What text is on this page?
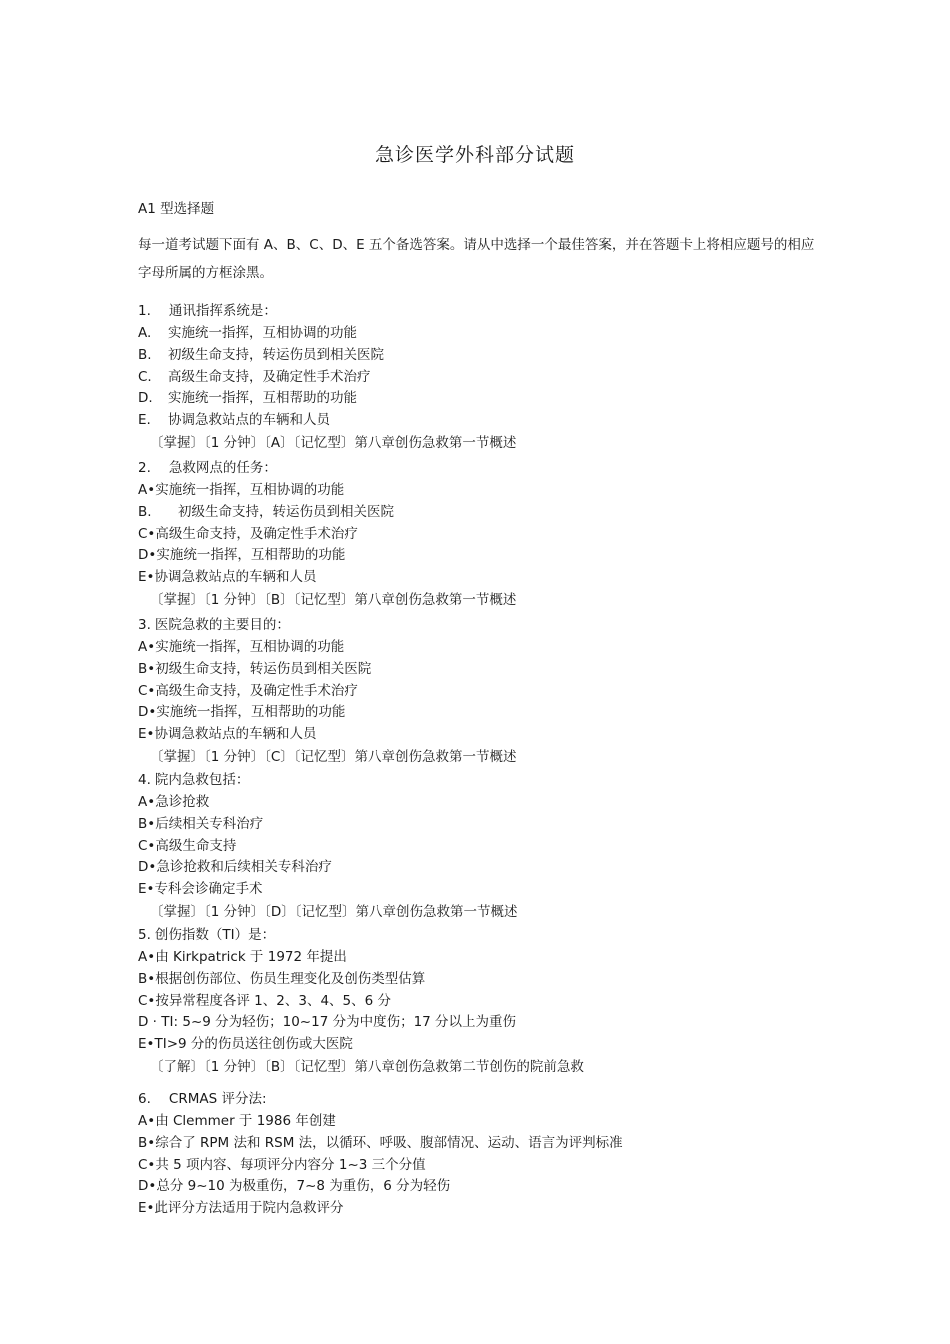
急诊医学外科部分试题
A1 型选择题
每一道考试题下面有 A、B、C、D、E 五个备选答案。请从中选择一个最佳答案，并在答题卡上将相应题号的相应字母所属的方框涂黑。
1. 通讯指挥系统是：
A. 实施统一指挥，互相协调的功能
B. 初级生命支持，转运伤员到相关医院
C. 高级生命支持，及确定性手术治疗
D. 实施统一指挥，互相帮助的功能
E. 协调急救站点的车辆和人员
〔掌握〕〔1 分钟〕〔A〕〔记忆型〕第八章创伤急救第一节概述
2. 急救网点的任务：
A•实施统一指挥，互相协调的功能
B. 初级生命支持，转运伤员到相关医院
C•高级生命支持，及确定性手术治疗
D•实施统一指挥，互相帮助的功能
E•协调急救站点的车辆和人员
〔掌握〕〔1 分钟〕〔B〕〔记忆型〕第八章创伤急救第一节概述
3. 医院急救的主要目的：
A•实施统一指挥，互相协调的功能
B•初级生命支持，转运伤员到相关医院
C•高级生命支持，及确定性手术治疗
D•实施统一指挥，互相帮助的功能
E•协调急救站点的车辆和人员
〔掌握〕〔1 分钟〕〔C〕〔记忆型〕第八章创伤急救第一节概述
4. 院内急救包括：
A•急诊抢救
B•后续相关专科治疗
C•高级生命支持
D•急诊抢救和后续相关专科治疗
E•专科会诊确定手术
〔掌握〕〔1 分钟〕〔D〕〔记忆型〕第八章创伤急救第一节概述
5. 创伤指数（TI）是：
A•由 Kirkpatrick 于 1972 年提出
B•根据创伤部位、伤员生理变化及创伤类型估算
C•按异常程度各评 1、2、3、4、5、6 分
D · TI: 5~9 分为轻伤；10~17 分为中度伤；17 分以上为重伤
E•TI>9 分的伤员送往创伤或大医院
〔了解〕〔1 分钟〕〔B〕〔记忆型〕第八章创伤急救第二节创伤的院前急救
6. CRMAS 评分法:
A•由 Clemmer 于 1986 年创建
B•综合了 RPM 法和 RSM 法，以循环、呼吸、腹部情况、运动、语言为评判标准
C•共 5 项内容、每项评分内容分 1~3 三个分值
D•总分 9~10 为极重伤，7~8 为重伤，6 分为轻伤
E•此评分方法适用于院内急救评分
